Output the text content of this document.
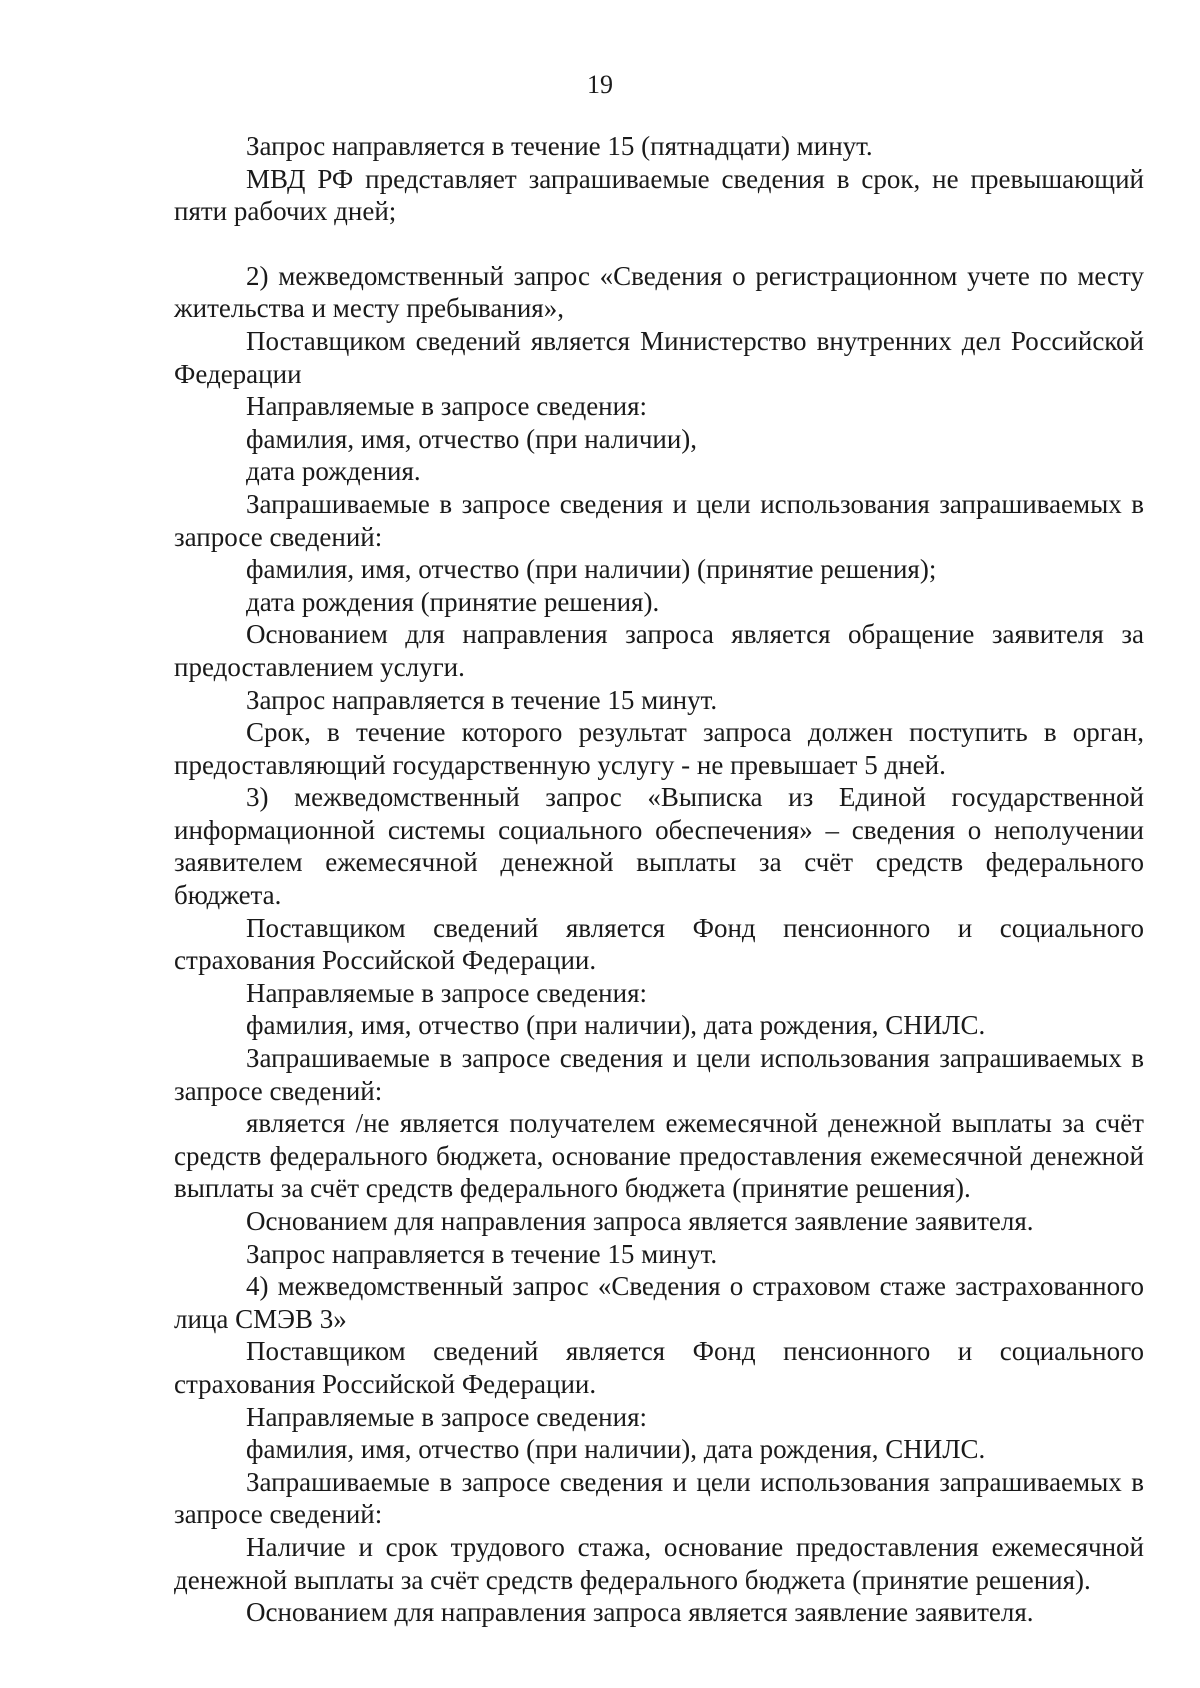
19

Запрос направляется в течение 15 (пятнадцати) минут.

МВД РФ представляет запрашиваемые сведения в срок, не превышающий пяти рабочих дней;

2) межведомственный запрос «Сведения о регистрационном учете по месту жительства и месту пребывания»,

Поставщиком сведений является Министерство внутренних дел Российской Федерации

Направляемые в запросе сведения:

фамилия, имя, отчество (при наличии),

дата рождения.

Запрашиваемые в запросе сведения и цели использования запрашиваемых в запросе сведений:

фамилия, имя, отчество (при наличии) (принятие решения);

дата рождения (принятие решения).

Основанием для направления запроса является обращение заявителя за предоставлением услуги.

Запрос направляется в течение 15 минут.

Срок, в течение которого результат запроса должен поступить в орган, предоставляющий государственную услугу - не превышает 5 дней.

3) межведомственный запрос «Выписка из Единой государственной информационной системы социального обеспечения» – сведения о неполучении заявителем ежемесячной денежной выплаты за счёт средств федерального бюджета.

Поставщиком сведений является Фонд пенсионного и социального страхования Российской Федерации.

Направляемые в запросе сведения:

фамилия, имя, отчество (при наличии), дата рождения, СНИЛС.

Запрашиваемые в запросе сведения и цели использования запрашиваемых в запросе сведений:

является /не является получателем ежемесячной денежной выплаты за счёт средств федерального бюджета, основание предоставления ежемесячной денежной выплаты за счёт средств федерального бюджета (принятие решения).

Основанием для направления запроса является заявление заявителя.

Запрос направляется в течение 15 минут.

4) межведомственный запрос «Сведения о страховом стаже застрахованного лица СМЭВ 3»

Поставщиком сведений является Фонд пенсионного и социального страхования Российской Федерации.

Направляемые в запросе сведения:

фамилия, имя, отчество (при наличии), дата рождения, СНИЛС.

Запрашиваемые в запросе сведения и цели использования запрашиваемых в запросе сведений:

Наличие и срок трудового стажа, основание предоставления ежемесячной денежной выплаты за счёт средств федерального бюджета (принятие решения).

Основанием для направления запроса является заявление заявителя.
